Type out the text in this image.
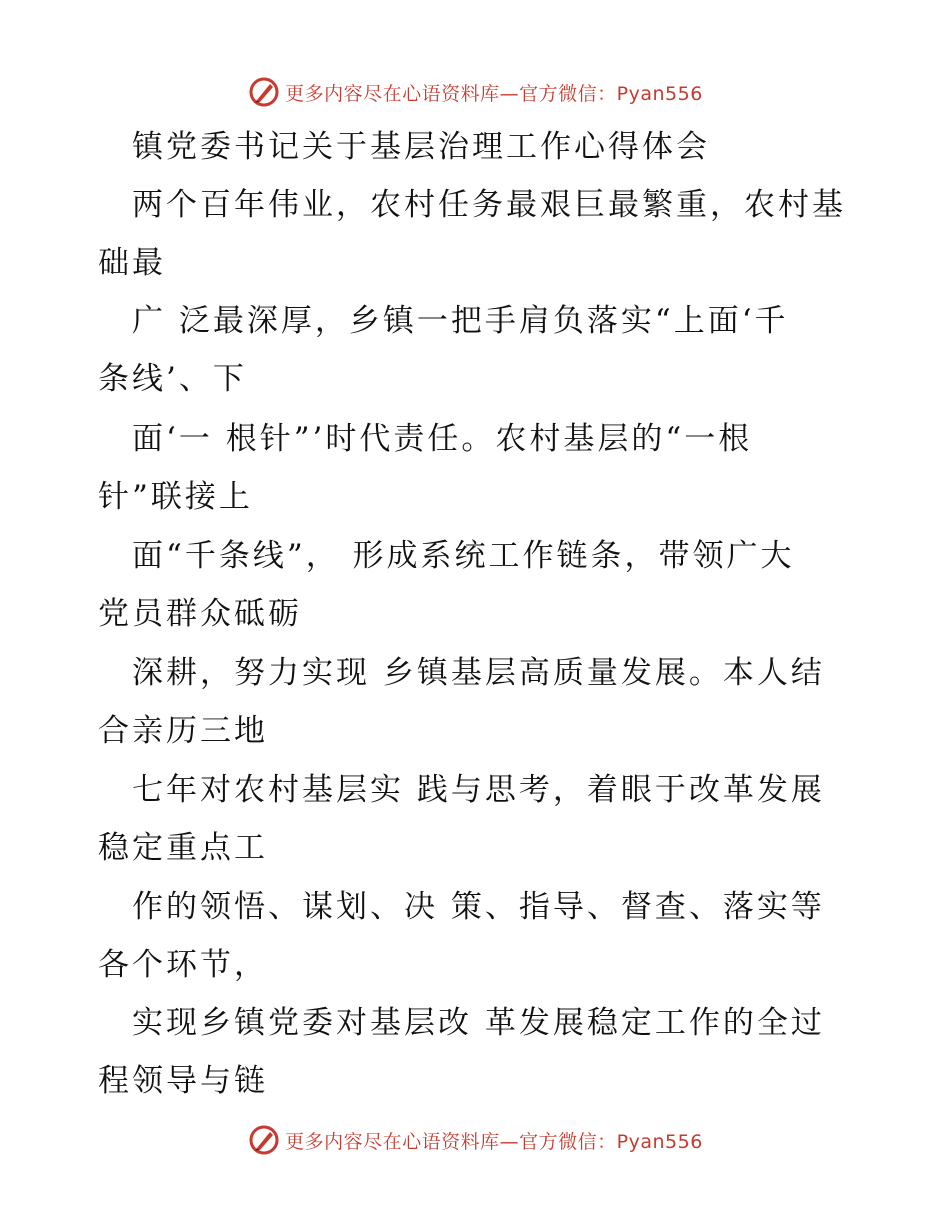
更多内容尽在心语资料库—官方微信：Pyan556

　镇党委书记关于基层治理工作心得体会

　两个百年伟业，农村任务最艰巨最繁重，农村基

础最

　广 泛最深厚，乡镇一把手肩负落实“上面‘千

条线’、下

　面‘一 根针”’时代责任。农村基层的“一根

针”联接上

　面“千条线”， 形成系统工作链条，带领广大

党员群众砥砺

　深耕，努力实现 乡镇基层高质量发展。本人结

合亲历三地

　七年对农村基层实 践与思考，着眼于改革发展

稳定重点工

　作的领悟、谋划、决 策、指导、督查、落实等

各个环节，

　实现乡镇党委对基层改 革发展稳定工作的全过

程领导与链

更多内容尽在心语资料库—官方微信：Pyan556
